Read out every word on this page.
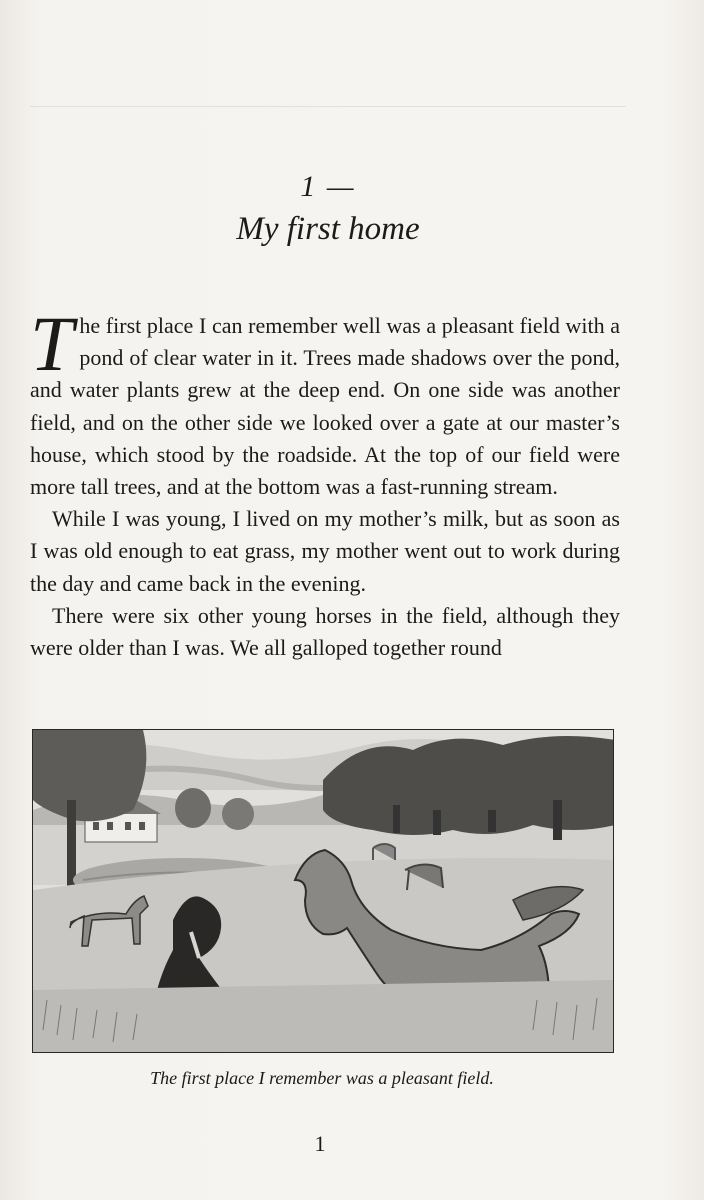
1 —
My first home

The first place I can remember well was a pleasant field with a pond of clear water in it. Trees made shadows over the pond, and water plants grew at the deep end. On one side was another field, and on the other side we looked over a gate at our master’s house, which stood by the roadside. At the top of our field were more tall trees, and at the bottom was a fast-running stream.

While I was young, I lived on my mother’s milk, but as soon as I was old enough to eat grass, my mother went out to work during the day and came back in the evening.

There were six other young horses in the field, although they were older than I was. We all galloped together round

The first place I remember was a pleasant field.
1
